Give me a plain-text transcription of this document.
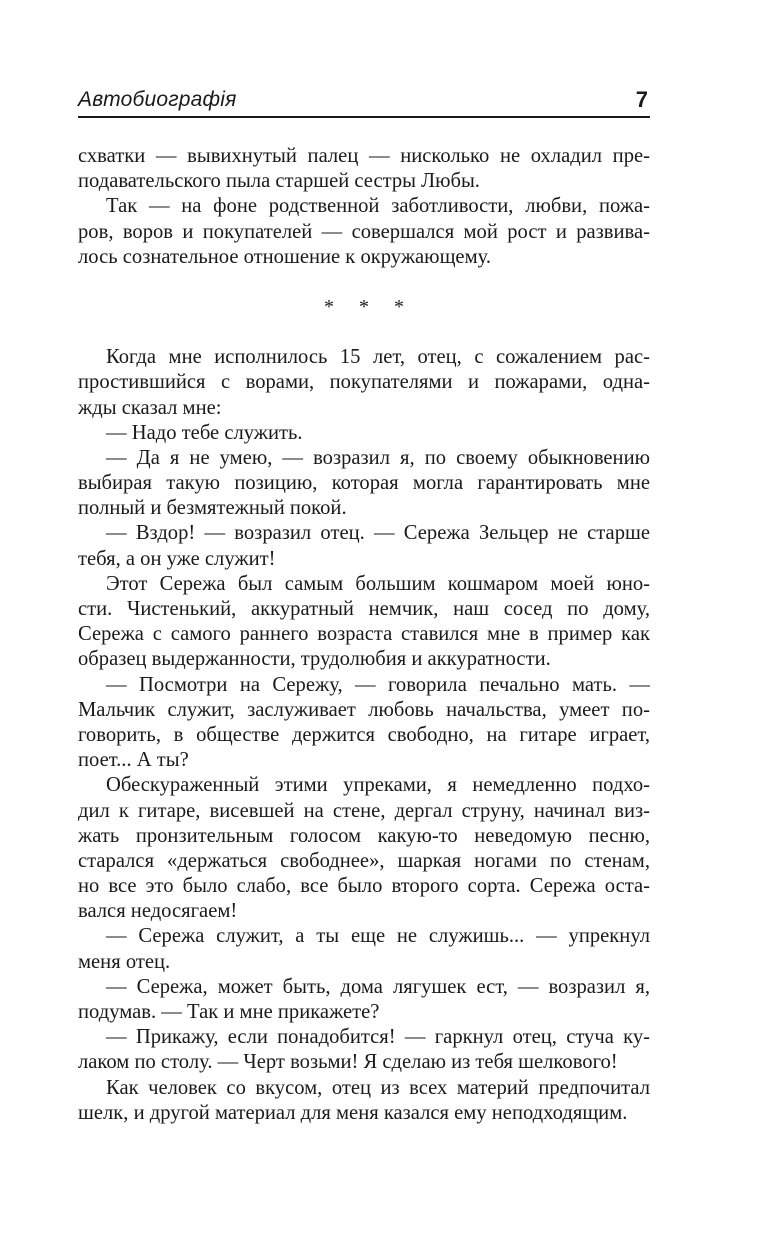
Автобиографія	7
схватки — вывихнутый палец — нисколько не охладил пре-
подавательского пыла старшей сестры Любы.
Так — на фоне родственной заботливости, любви, пожа-
ров, воров и покупателей — совершался мой рост и развива-
лось сознательное отношение к окружающему.
* * *
Когда мне исполнилось 15 лет, отец, с сожалением рас-
простившийся с ворами, покупателями и пожарами, одна-
жды сказал мне:
— Надо тебе служить.
— Да я не умею, — возразил я, по своему обыкновению
выбирая такую позицию, которая могла гарантировать мне
полный и безмятежный покой.
— Вздор! — возразил отец. — Сережа Зельцер не старше
тебя, а он уже служит!
Этот Сережа был самым большим кошмаром моей юно-
сти. Чистенький, аккуратный немчик, наш сосед по дому,
Сережа с самого раннего возраста ставился мне в пример как
образец выдержанности, трудолюбия и аккуратности.
— Посмотри на Сережу, — говорила печально мать. —
Мальчик служит, заслуживает любовь начальства, умеет по-
говорить, в обществе держится свободно, на гитаре играет,
поет... А ты?
Обескураженный этими упреками, я немедленно подхо-
дил к гитаре, висевшей на стене, дергал струну, начинал виз-
жать пронзительным голосом какую-то неведомую песню,
старался «держаться свободнее», шаркая ногами по стенам,
но все это было слабо, все было второго сорта. Сережа оста-
вался недосягаем!
— Сережа служит, а ты еще не служишь... — упрекнул
меня отец.
— Сережа, может быть, дома лягушек ест, — возразил я,
подумав. — Так и мне прикажете?
— Прикажу, если понадобится! — гаркнул отец, стуча ку-
лаком по столу. — Черт возьми! Я сделаю из тебя шелкового!
Как человек со вкусом, отец из всех материй предпочитал
шелк, и другой материал для меня казался ему неподходящим.
